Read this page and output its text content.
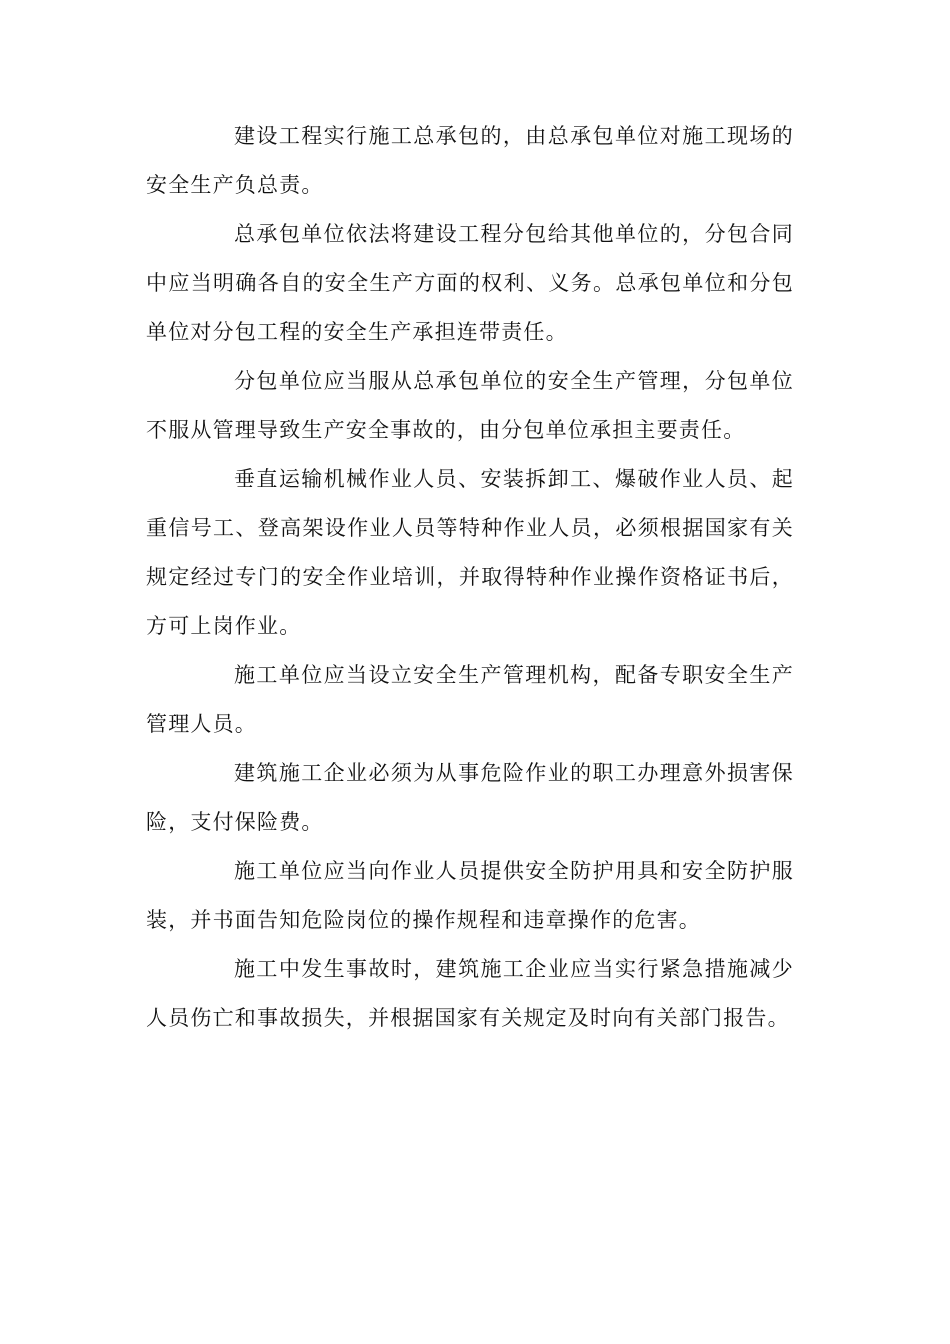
建设工程实行施工总承包的，由总承包单位对施工现场的安全生产负总责。

总承包单位依法将建设工程分包给其他单位的，分包合同中应当明确各自的安全生产方面的权利、义务。总承包单位和分包单位对分包工程的安全生产承担连带责任。

分包单位应当服从总承包单位的安全生产管理，分包单位不服从管理导致生产安全事故的，由分包单位承担主要责任。

垂直运输机械作业人员、安装拆卸工、爆破作业人员、起重信号工、登高架设作业人员等特种作业人员，必须根据国家有关规定经过专门的安全作业培训，并取得特种作业操作资格证书后，方可上岗作业。

施工单位应当设立安全生产管理机构，配备专职安全生产管理人员。

建筑施工企业必须为从事危险作业的职工办理意外损害保险，支付保险费。

施工单位应当向作业人员提供安全防护用具和安全防护服装，并书面告知危险岗位的操作规程和违章操作的危害。

施工中发生事故时，建筑施工企业应当实行紧急措施减少人员伤亡和事故损失，并根据国家有关规定及时向有关部门报告。
